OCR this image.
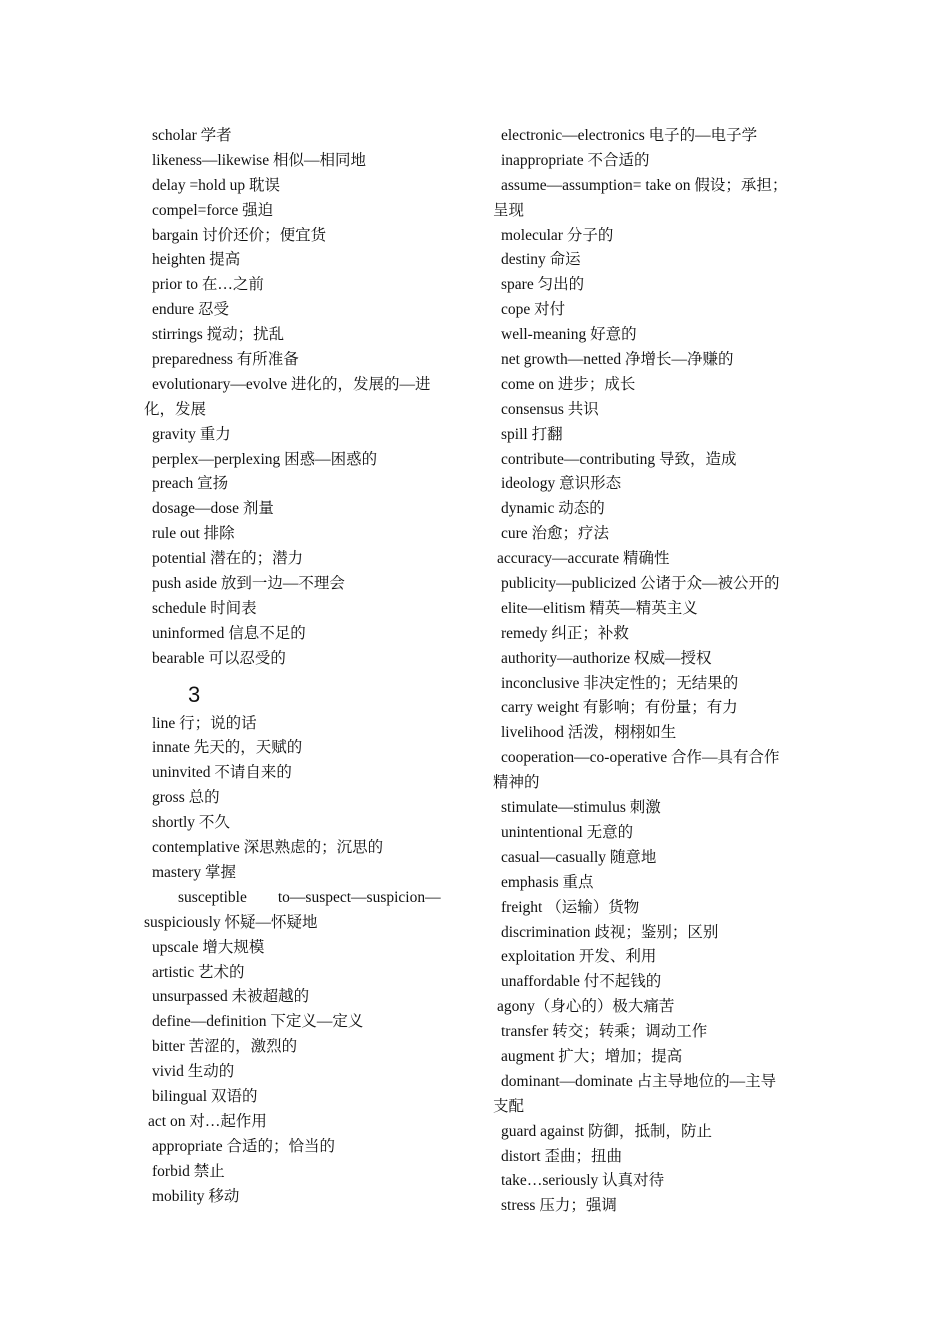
scholar 学者
likeness—likewise 相似—相同地
delay =hold up 耽误
compel=force 强迫
bargain 讨价还价；便宜货
heighten 提高
prior to 在…之前
endure 忍受
stirrings 搅动；扰乱
preparedness 有所准备
evolutionary—evolve 进化的，发展的—进
化，发展
gravity 重力
perplex—perplexing 困惑—困惑的
preach 宣扬
dosage—dose 剂量
rule out 排除
potential 潜在的；潜力
push aside 放到一边—不理会
schedule 时间表
uninformed 信息不足的
bearable 可以忍受的
3
line 行；说的话
innate 先天的，天赋的
uninvited 不请自来的
gross 总的
shortly 不久
contemplative 深思熟虑的；沉思的
mastery 掌握
susceptible        to—suspect—suspicion—
suspiciously 怀疑—怀疑地
upscale 增大规模
artistic 艺术的
unsurpassed 未被超越的
define—definition 下定义—定义
bitter 苦涩的，激烈的
vivid 生动的
bilingual 双语的
act on 对…起作用
appropriate 合适的；恰当的
forbid 禁止
mobility 移动
electronic—electronics 电子的—电子学
inappropriate 不合适的
assume—assumption= take on 假设；承担；
呈现
molecular 分子的
destiny 命运
spare 匀出的
cope 对付
well-meaning 好意的
net growth—netted 净增长—净赚的
come on 进步；成长
consensus 共识
spill 打翻
contribute—contributing 导致，造成
ideology 意识形态
dynamic 动态的
cure 治愈；疗法
accuracy—accurate 精确性
publicity—publicized 公诸于众—被公开的
elite—elitism 精英—精英主义
remedy 纠正；补救
authority—authorize 权威—授权
inconclusive 非决定性的；无结果的
carry weight 有影响；有份量；有力
livelihood 活泼，栩栩如生
cooperation—co-operative 合作—具有合作
精神的
stimulate—stimulus 刺激
unintentional 无意的
casual—casually 随意地
emphasis 重点
freight （运输）货物
discrimination 歧视；鉴别；区别
exploitation 开发、利用
unaffordable 付不起钱的
agony（身心的）极大痛苦
transfer 转交；转乘；调动工作
augment 扩大；增加；提高
dominant—dominate 占主导地位的—主导
支配
guard against 防御，抵制，防止
distort 歪曲；扭曲
take…seriously 认真对待
stress 压力；强调
